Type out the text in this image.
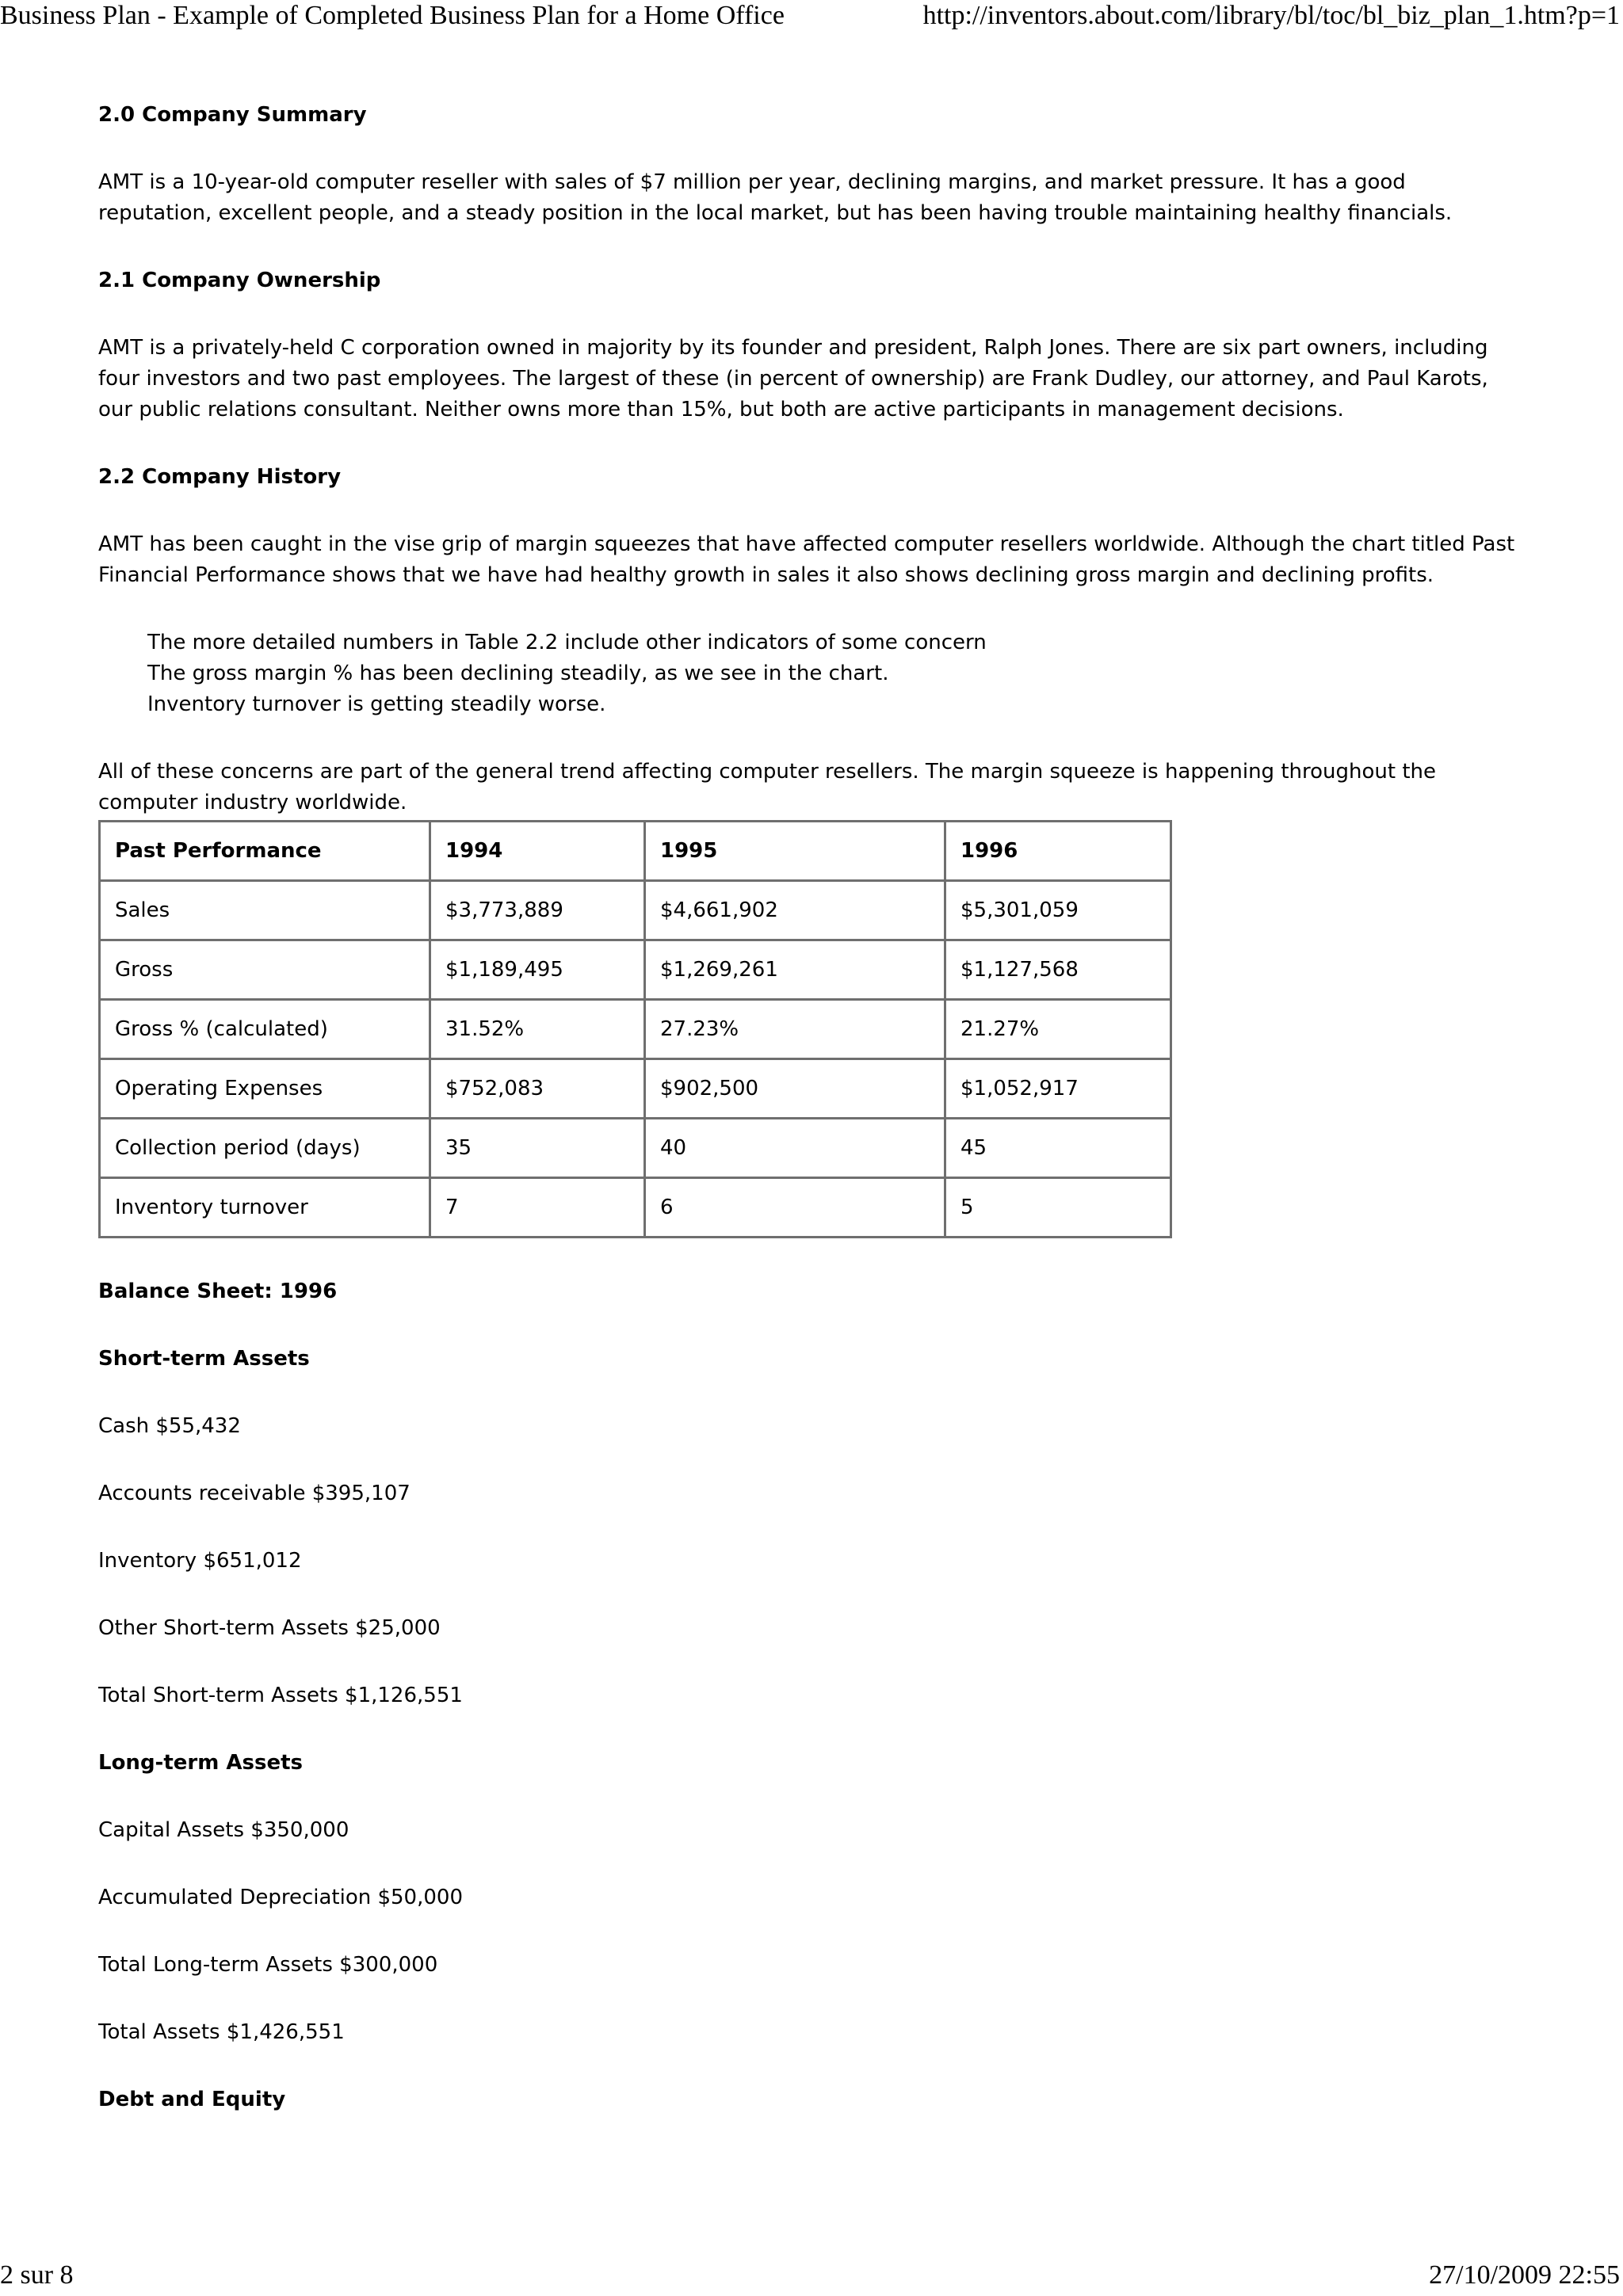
Business Plan - Example of Completed Business Plan for a Home Office	http://inventors.about.com/library/bl/toc/bl_biz_plan_1.htm?p=1
2.0 Company Summary

AMT is a 10-year-old computer reseller with sales of $7 million per year, declining margins, and market pressure. It has a good reputation, excellent people, and a steady position in the local market, but has been having trouble maintaining healthy financials.

2.1 Company Ownership

AMT is a privately-held C corporation owned in majority by its founder and president, Ralph Jones. There are six part owners, including four investors and two past employees. The largest of these (in percent of ownership) are Frank Dudley, our attorney, and Paul Karots, our public relations consultant. Neither owns more than 15%, but both are active participants in management decisions.

2.2 Company History

AMT has been caught in the vise grip of margin squeezes that have affected computer resellers worldwide. Although the chart titled Past Financial Performance shows that we have had healthy growth in sales it also shows declining gross margin and declining profits.

The more detailed numbers in Table 2.2 include other indicators of some concern
The gross margin % has been declining steadily, as we see in the chart.
Inventory turnover is getting steadily worse.

All of these concerns are part of the general trend affecting computer resellers. The margin squeeze is happening throughout the computer industry worldwide.

Past Performance	1994	1995	1996
Sales	$3,773,889	$4,661,902	$5,301,059
Gross	$1,189,495	$1,269,261	$1,127,568
Gross % (calculated)	31.52%	27.23%	21.27%
Operating Expenses	$752,083	$902,500	$1,052,917
Collection period (days)	35	40	45
Inventory turnover	7	6	5
Balance Sheet: 1996
Short-term Assets

Cash $55,432

Accounts receivable $395,107

Inventory $651,012

Other Short-term Assets $25,000

Total Short-term Assets $1,126,551

Long-term Assets

Capital Assets $350,000

Accumulated Depreciation $50,000

Total Long-term Assets $300,000

Total Assets $1,426,551

Debt and Equity
2 sur 8	27/10/2009 22:55
